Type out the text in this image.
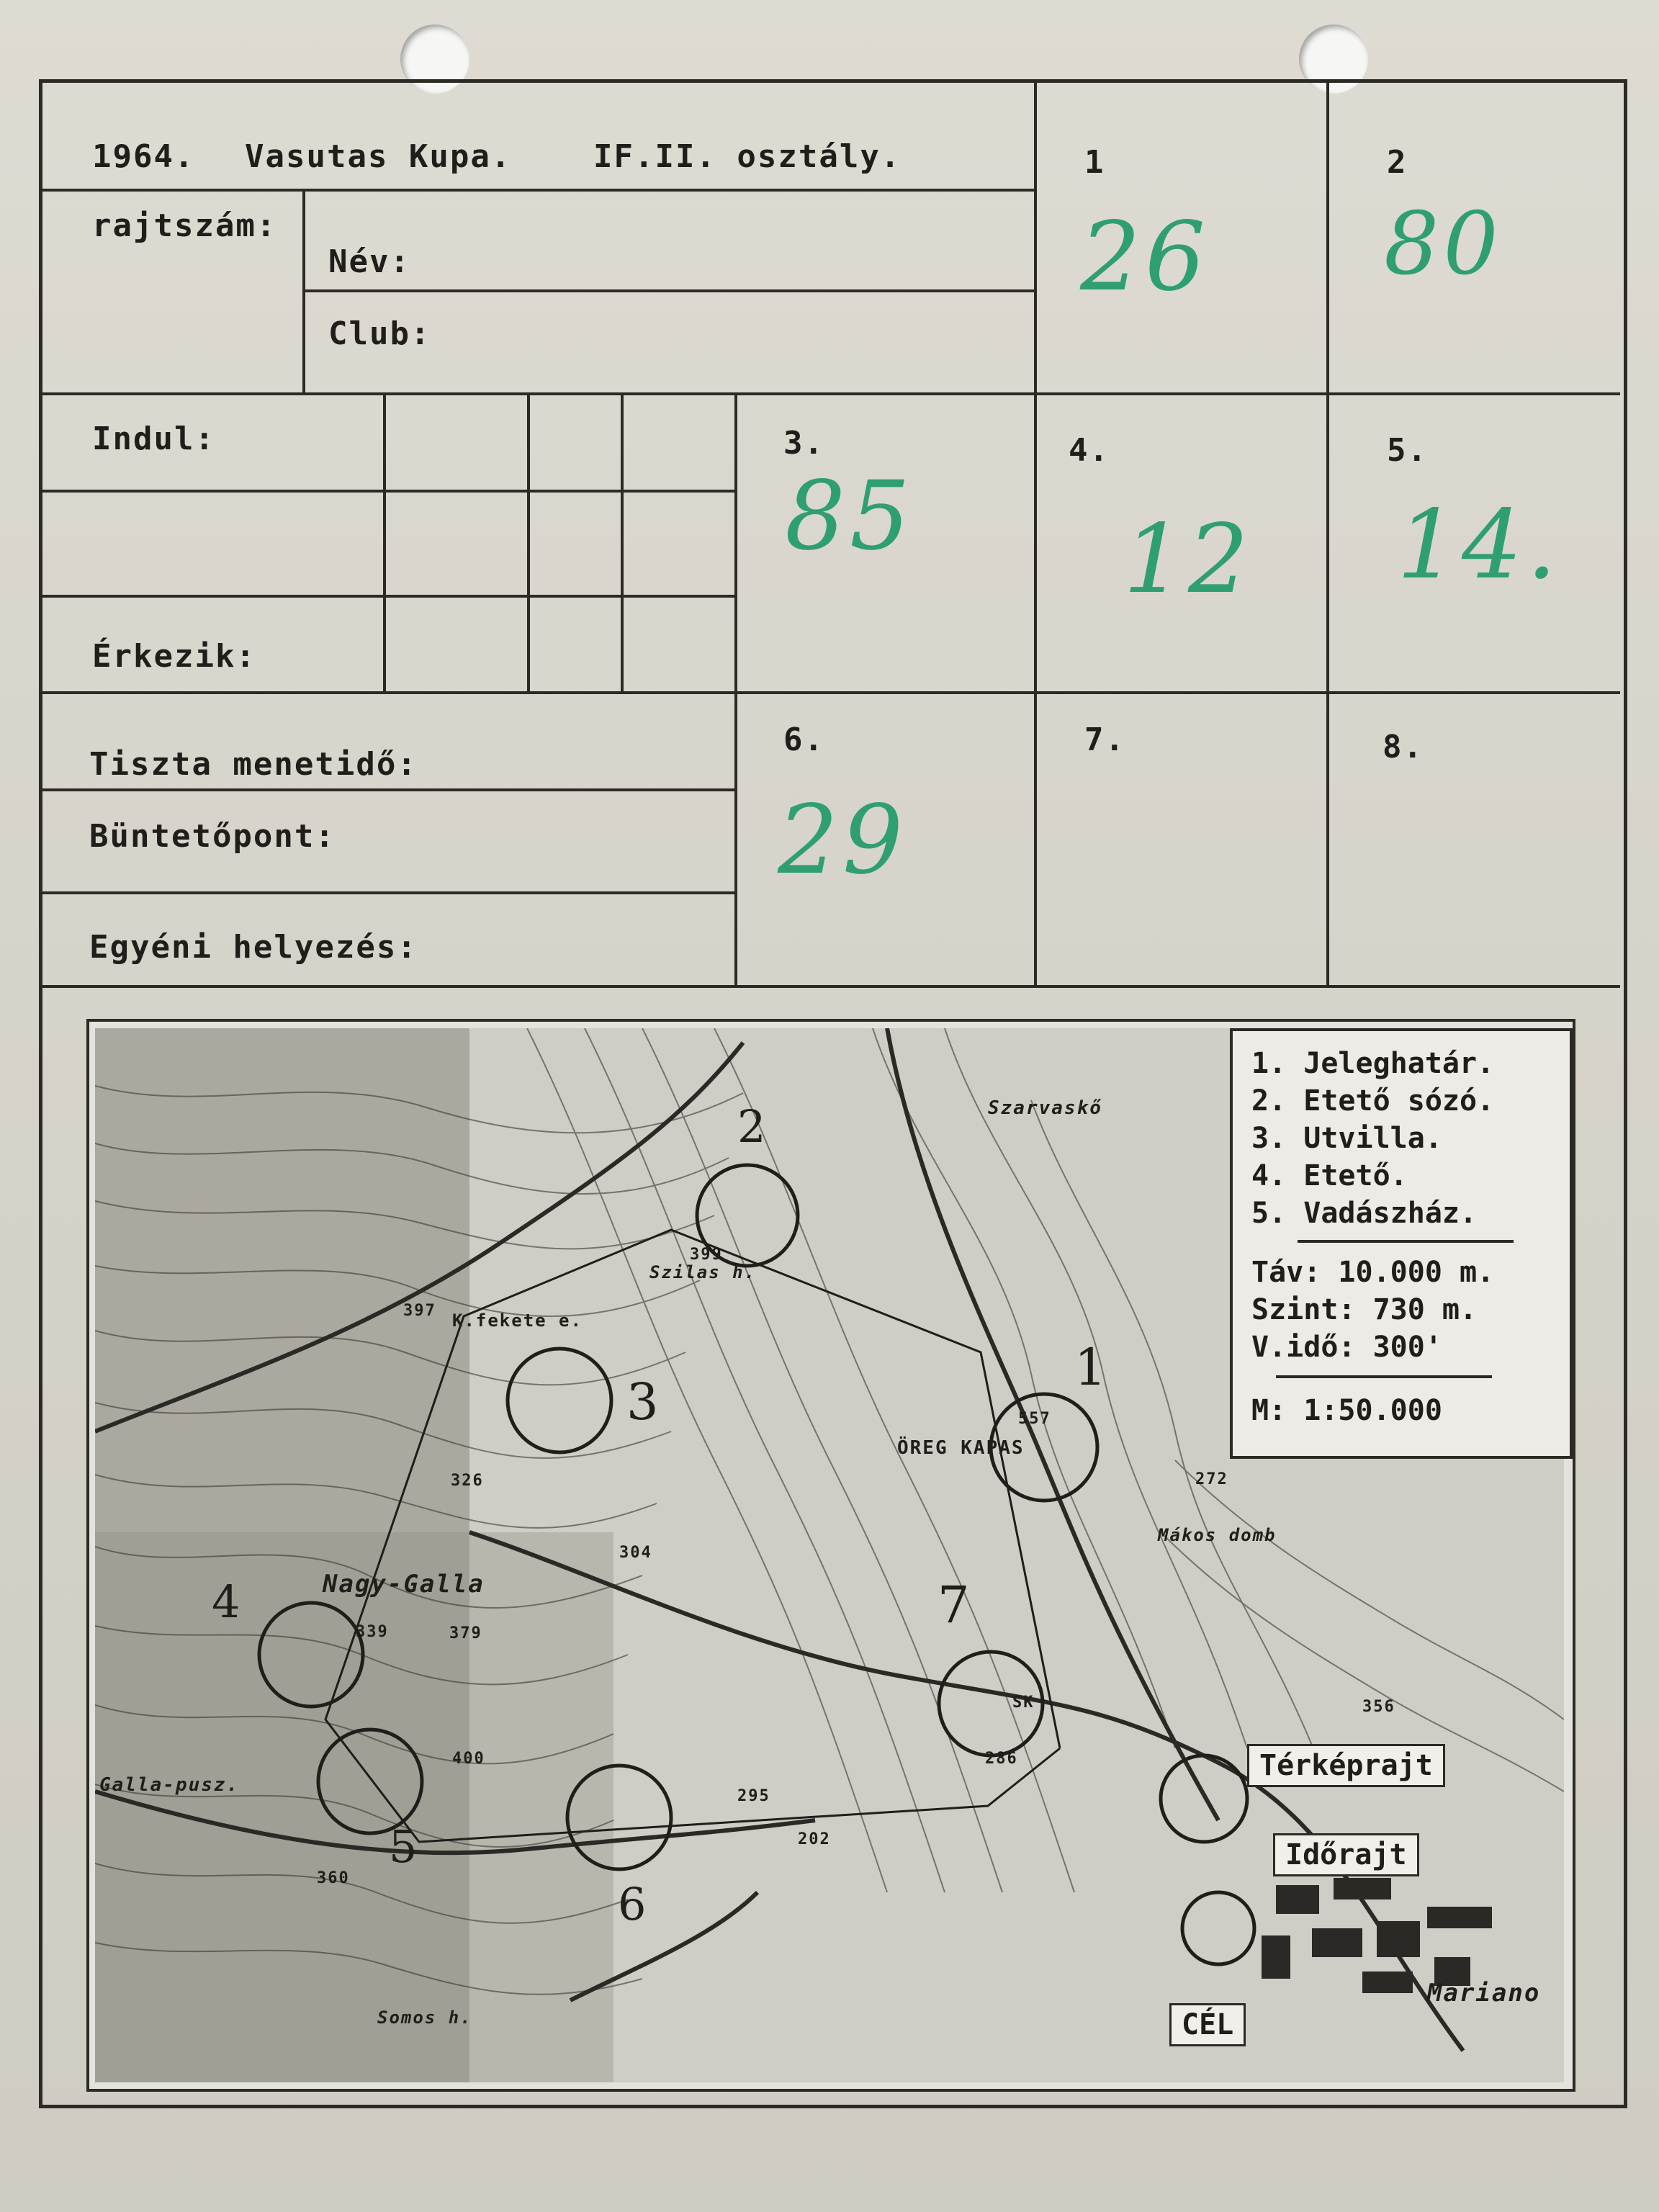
1964. Vasutas Kupa.	IF.II. osztály.
rajtszám:
Név:
Club:
Indul:
Érkezik:
Tiszta menetidő:
Büntetőpont:
Egyéni helyezés:
1
26
2
80
3.
85
4.
12
5.
14.
6.
29
7.	8.
2
3
1
4
5
6
7
Szarvaskő
Szilas h.
K.fekete e.
ÖREG KAPAS
Mákos domb
Nagy-Galla
Galla-pusz.
Somos h.
Mariano
399
397
326
304
557
272
400
295
202
286
356
360
379
339
SK
Térképrajt
Időrajt
CÉL
1. Jeleghatár.
2. Etető sózó.
3. Utvilla.
4. Etető.
5. Vadászház.
Táv: 10.000 m.
Szint: 730 m.
V.idő: 300'
M: 1:50.000
